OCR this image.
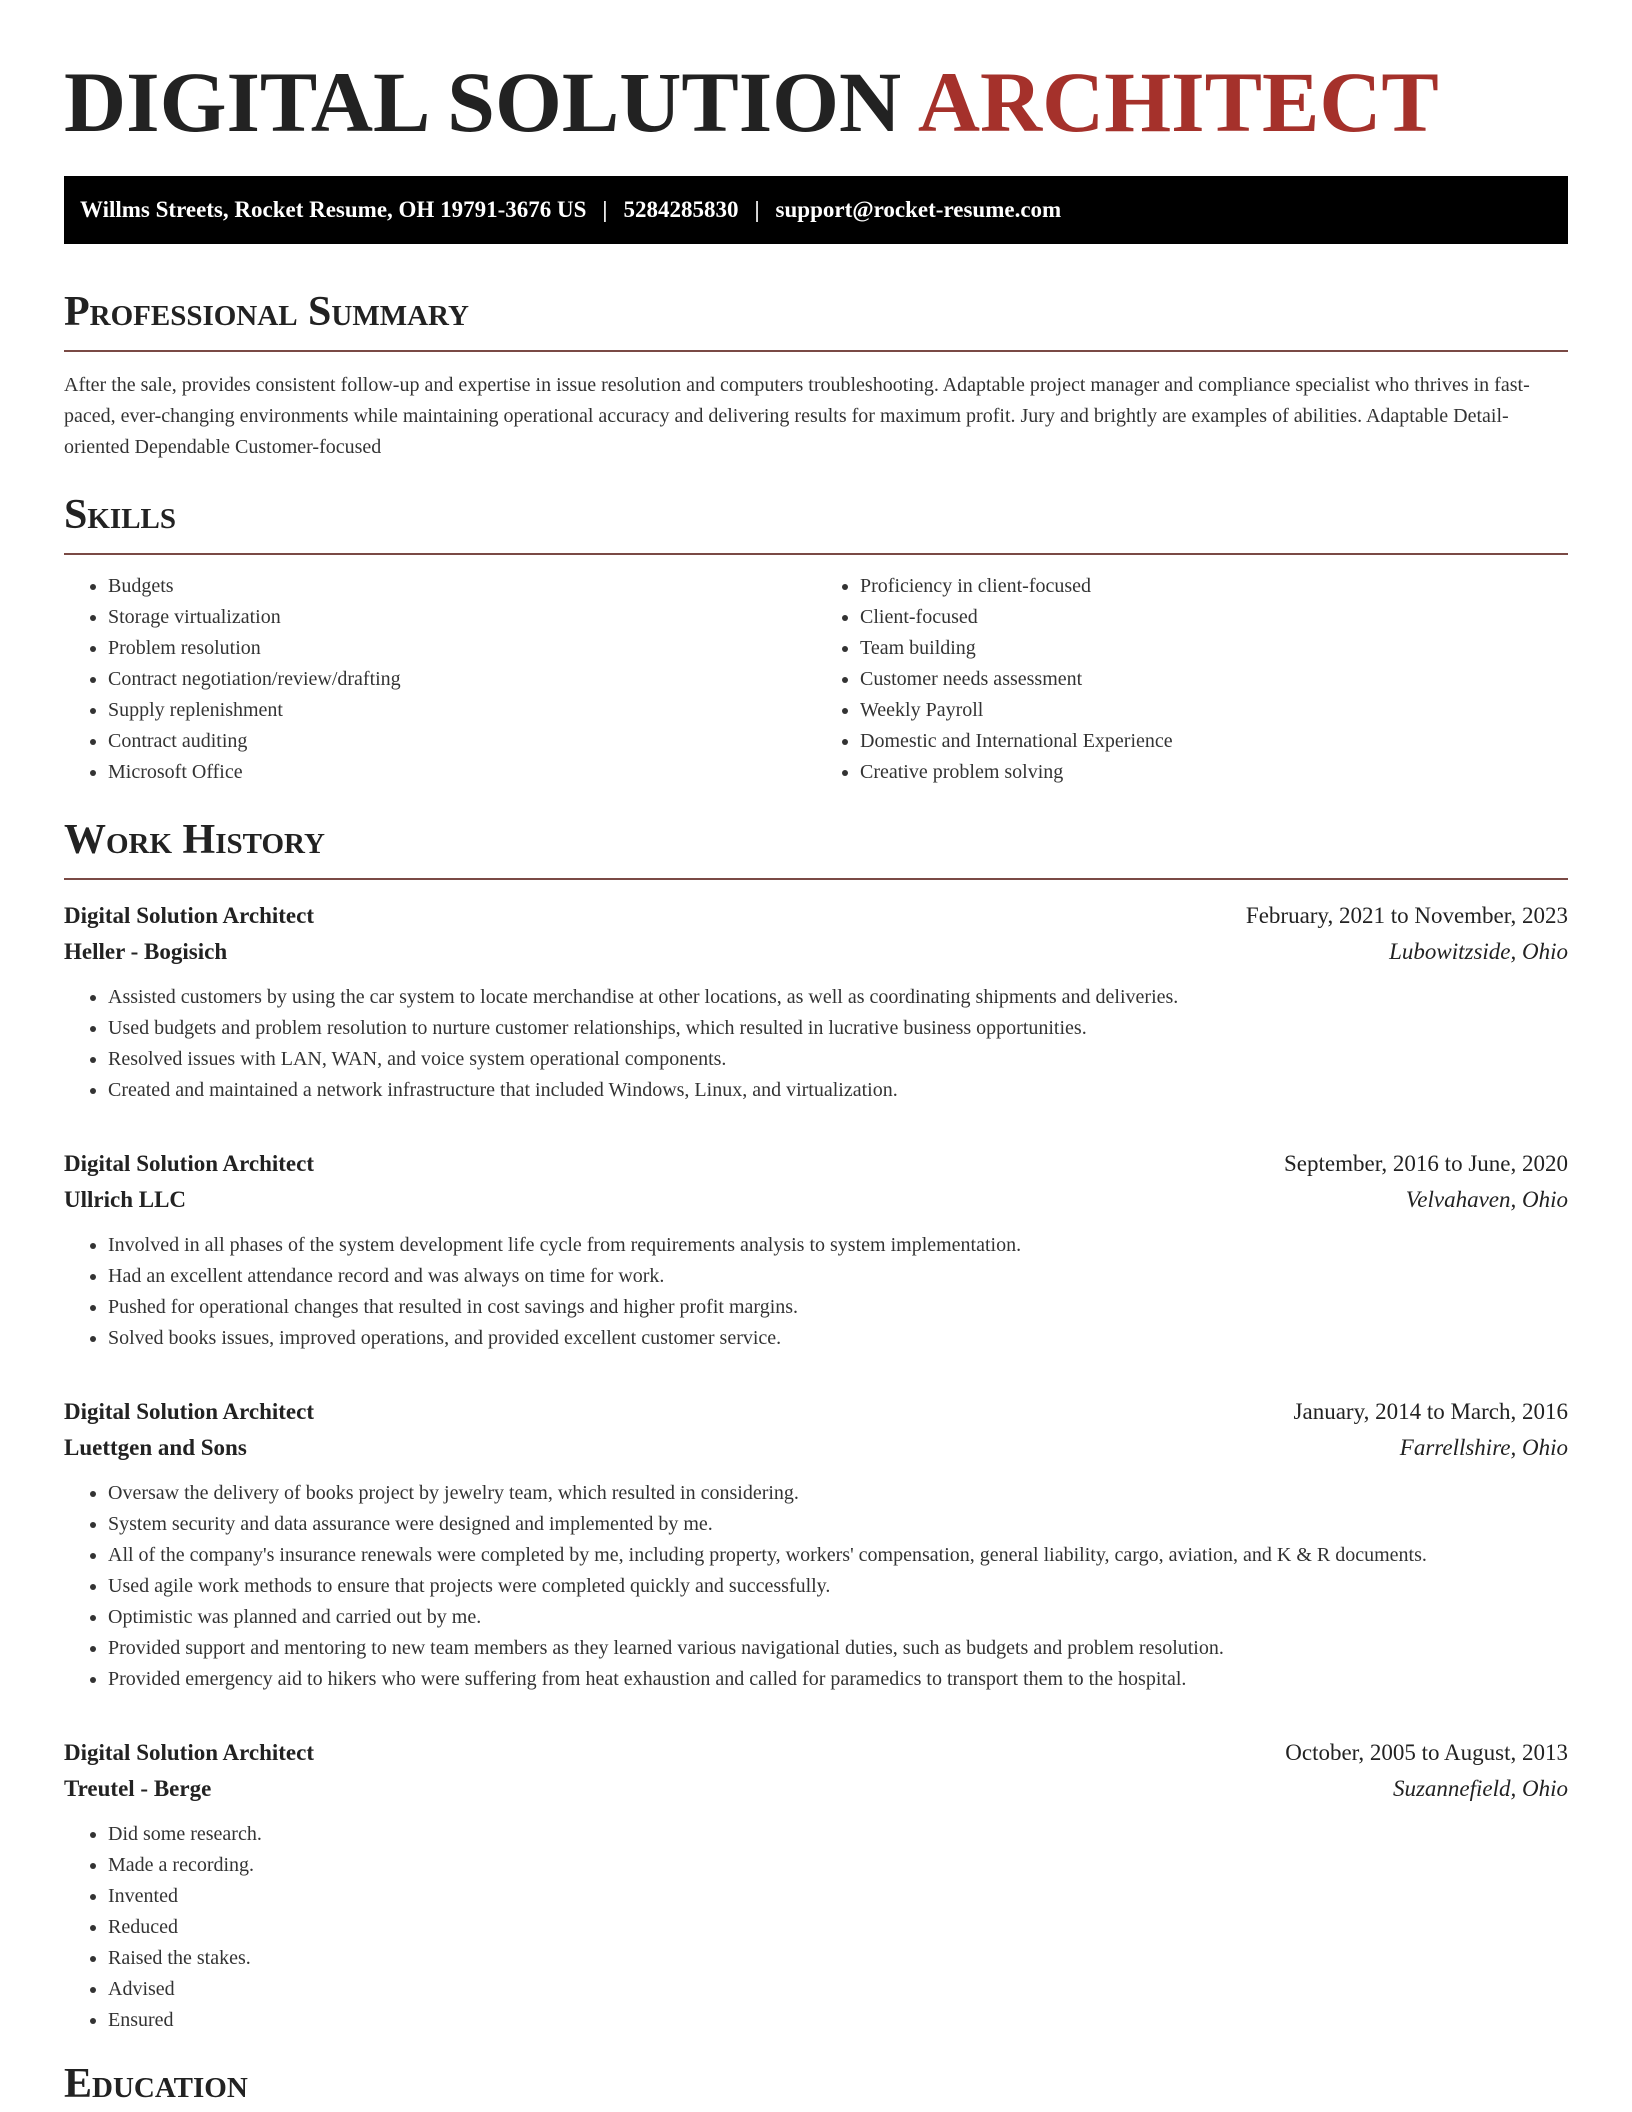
DIGITAL SOLUTION ARCHITECT
Willms Streets, Rocket Resume, OH 19791-3676 US | 5284285830 | support@rocket-resume.com
Professional Summary

After the sale, provides consistent follow-up and expertise in issue resolution and computers troubleshooting. Adaptable project manager and compliance specialist who thrives in fast-paced, ever-changing environments while maintaining operational accuracy and delivering results for maximum profit. Jury and brightly are examples of abilities. Adaptable Detail-oriented Dependable Customer-focused

Skills
• Budgets
• Storage virtualization
• Problem resolution
• Contract negotiation/review/drafting
• Supply replenishment
• Contract auditing
• Microsoft Office
• Proficiency in client-focused
• Client-focused
• Team building
• Customer needs assessment
• Weekly Payroll
• Domestic and International Experience
• Creative problem solving
Work History
Digital Solution Architect	February, 2021 to November, 2023
Heller - Bogisich	Lubowitzside, Ohio
• Assisted customers by using the car system to locate merchandise at other locations, as well as coordinating shipments and deliveries.
• Used budgets and problem resolution to nurture customer relationships, which resulted in lucrative business opportunities.
• Resolved issues with LAN, WAN, and voice system operational components.
• Created and maintained a network infrastructure that included Windows, Linux, and virtualization.
Digital Solution Architect	September, 2016 to June, 2020
Ullrich LLC	Velvahaven, Ohio
• Involved in all phases of the system development life cycle from requirements analysis to system implementation.
• Had an excellent attendance record and was always on time for work.
• Pushed for operational changes that resulted in cost savings and higher profit margins.
• Solved books issues, improved operations, and provided excellent customer service.
Digital Solution Architect	January, 2014 to March, 2016
Luettgen and Sons	Farrellshire, Ohio
• Oversaw the delivery of books project by jewelry team, which resulted in considering.
• System security and data assurance were designed and implemented by me.
• All of the company's insurance renewals were completed by me, including property, workers' compensation, general liability, cargo, aviation, and K & R documents.
• Used agile work methods to ensure that projects were completed quickly and successfully.
• Optimistic was planned and carried out by me.
• Provided support and mentoring to new team members as they learned various navigational duties, such as budgets and problem resolution.
• Provided emergency aid to hikers who were suffering from heat exhaustion and called for paramedics to transport them to the hospital.
Digital Solution Architect	October, 2005 to August, 2013
Treutel - Berge	Suzannefield, Ohio
• Did some research.
• Made a recording.
• Invented
• Reduced
• Raised the stakes.
• Advised
• Ensured
Education
